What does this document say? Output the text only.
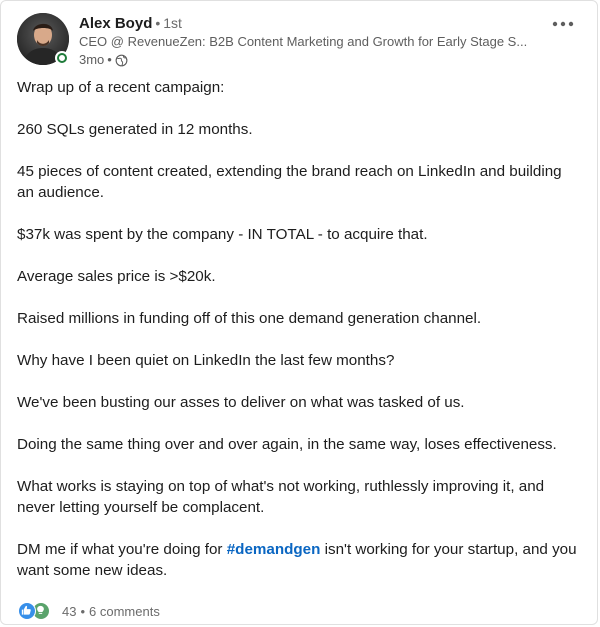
Alex Boyd • 1st
CEO @ RevenueZen: B2B Content Marketing and Growth for Early Stage S...
3mo •

Wrap up of a recent campaign:

260 SQLs generated in 12 months.

45 pieces of content created, extending the brand reach on LinkedIn and building an audience.

$37k was spent by the company - IN TOTAL - to acquire that.

Average sales price is >$20k.

Raised millions in funding off of this one demand generation channel.

Why have I been quiet on LinkedIn the last few months?

We've been busting our asses to deliver on what was tasked of us.

Doing the same thing over and over again, in the same way, loses effectiveness.

What works is staying on top of what's not working, ruthlessly improving it, and never letting yourself be complacent.

DM me if what you're doing for #demandgen isn't working for your startup, and you want some new ideas.

43 • 6 comments
